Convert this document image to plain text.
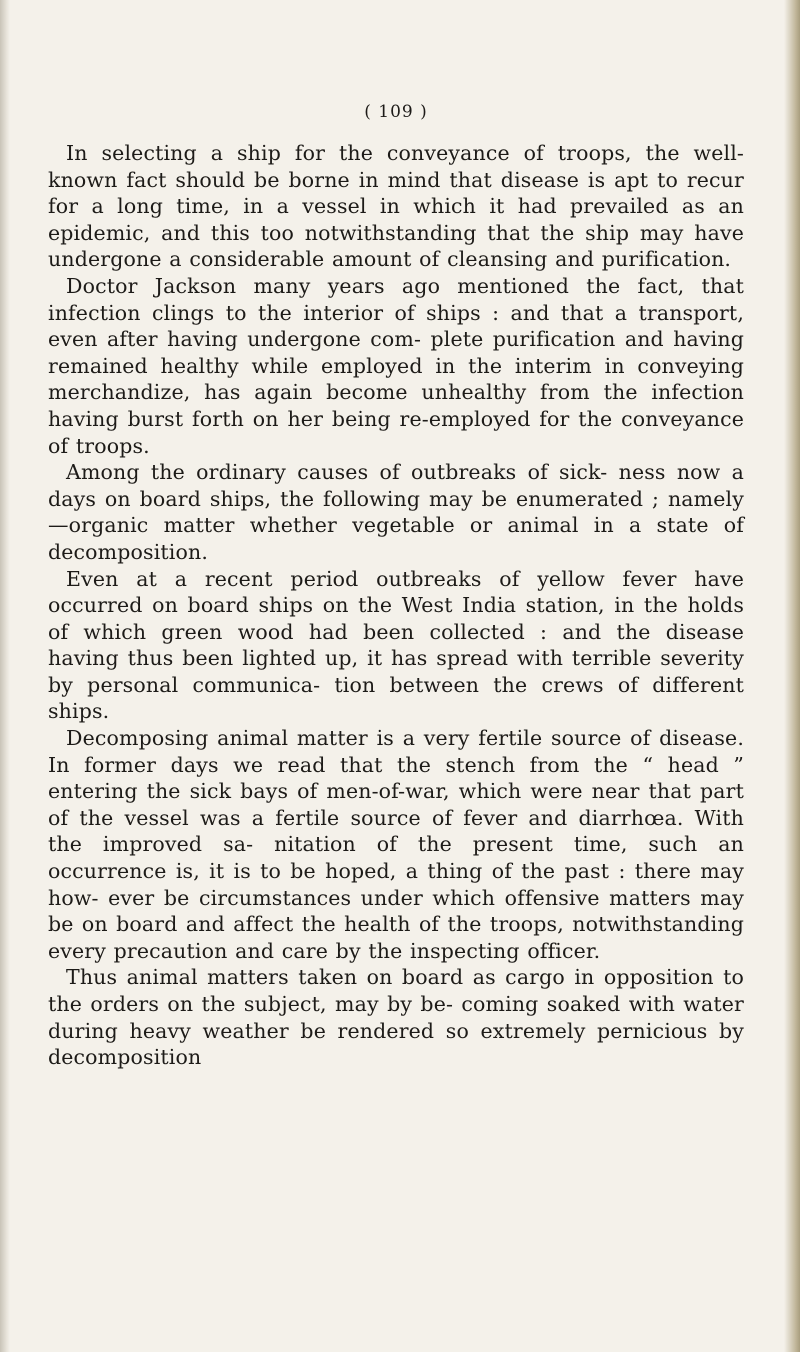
( 109 )

In selecting a ship for the conveyance of troops, the well-known fact should be borne in mind that disease is apt to recur for a long time, in a vessel in which it had prevailed as an epidemic, and this too notwithstanding that the ship may have undergone a considerable amount of cleansing and purification.

Doctor Jackson many years ago mentioned the fact, that infection clings to the interior of ships : and that a transport, even after having undergone com- plete purification and having remained healthy while employed in the interim in conveying merchandize, has again become unhealthy from the infection having burst forth on her being re-employed for the conveyance of troops.

Among the ordinary causes of outbreaks of sick- ness now a days on board ships, the following may be enumerated ; namely—organic matter whether vegetable or animal in a state of decomposition.

Even at a recent period outbreaks of yellow fever have occurred on board ships on the West India station, in the holds of which green wood had been collected : and the disease having thus been lighted up, it has spread with terrible severity by personal communica- tion between the crews of different ships.

Decomposing animal matter is a very fertile source of disease. In former days we read that the stench from the “ head ” entering the sick bays of men-of-war, which were near that part of the vessel was a fertile source of fever and diarrhœa. With the improved sa- nitation of the present time, such an occurrence is, it is to be hoped, a thing of the past : there may how- ever be circumstances under which offensive matters may be on board and affect the health of the troops, notwithstanding every precaution and care by the inspecting officer.

Thus animal matters taken on board as cargo in opposition to the orders on the subject, may by be- coming soaked with water during heavy weather be rendered so extremely pernicious by decomposition
